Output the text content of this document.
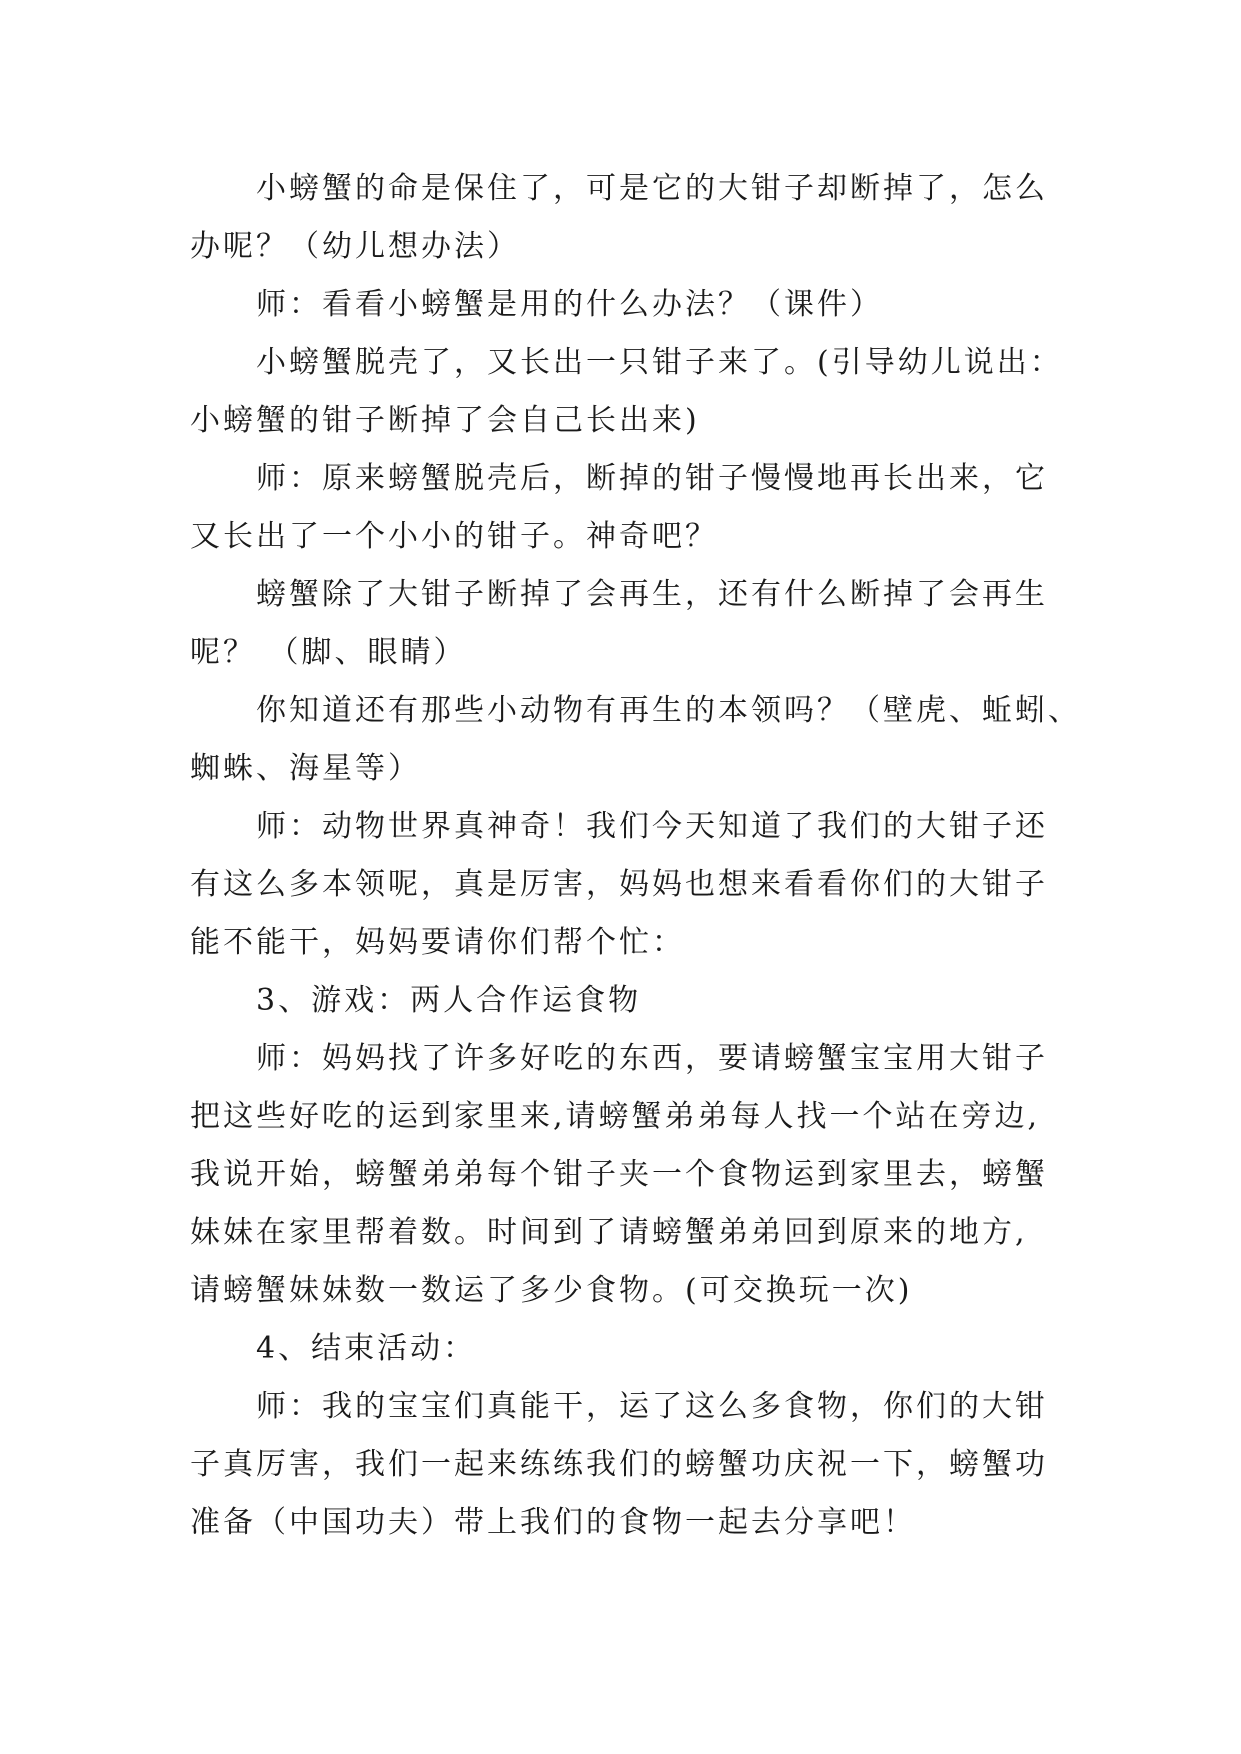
小螃蟹的命是保住了，可是它的大钳子却断掉了，怎么
办呢？（幼儿想办法）
师：看看小螃蟹是用的什么办法？（课件）
小螃蟹脱壳了，又长出一只钳子来了。(引导幼儿说出：
小螃蟹的钳子断掉了会自己长出来)
师：原来螃蟹脱壳后，断掉的钳子慢慢地再长出来，它
又长出了一个小小的钳子。神奇吧？
螃蟹除了大钳子断掉了会再生，还有什么断掉了会再生
呢？ （脚、眼睛）
你知道还有那些小动物有再生的本领吗？（壁虎、蚯蚓、
蜘蛛、海星等）
师：动物世界真神奇！我们今天知道了我们的大钳子还
有这么多本领呢，真是厉害，妈妈也想来看看你们的大钳子
能不能干，妈妈要请你们帮个忙：
3、游戏：两人合作运食物
师：妈妈找了许多好吃的东西，要请螃蟹宝宝用大钳子
把这些好吃的运到家里来,请螃蟹弟弟每人找一个站在旁边,
我说开始，螃蟹弟弟每个钳子夹一个食物运到家里去，螃蟹
妹妹在家里帮着数。时间到了请螃蟹弟弟回到原来的地方,
请螃蟹妹妹数一数运了多少食物。(可交换玩一次)
4、结束活动：
师：我的宝宝们真能干，运了这么多食物，你们的大钳
子真厉害，我们一起来练练我们的螃蟹功庆祝一下，螃蟹功
准备（中国功夫）带上我们的食物一起去分享吧！
